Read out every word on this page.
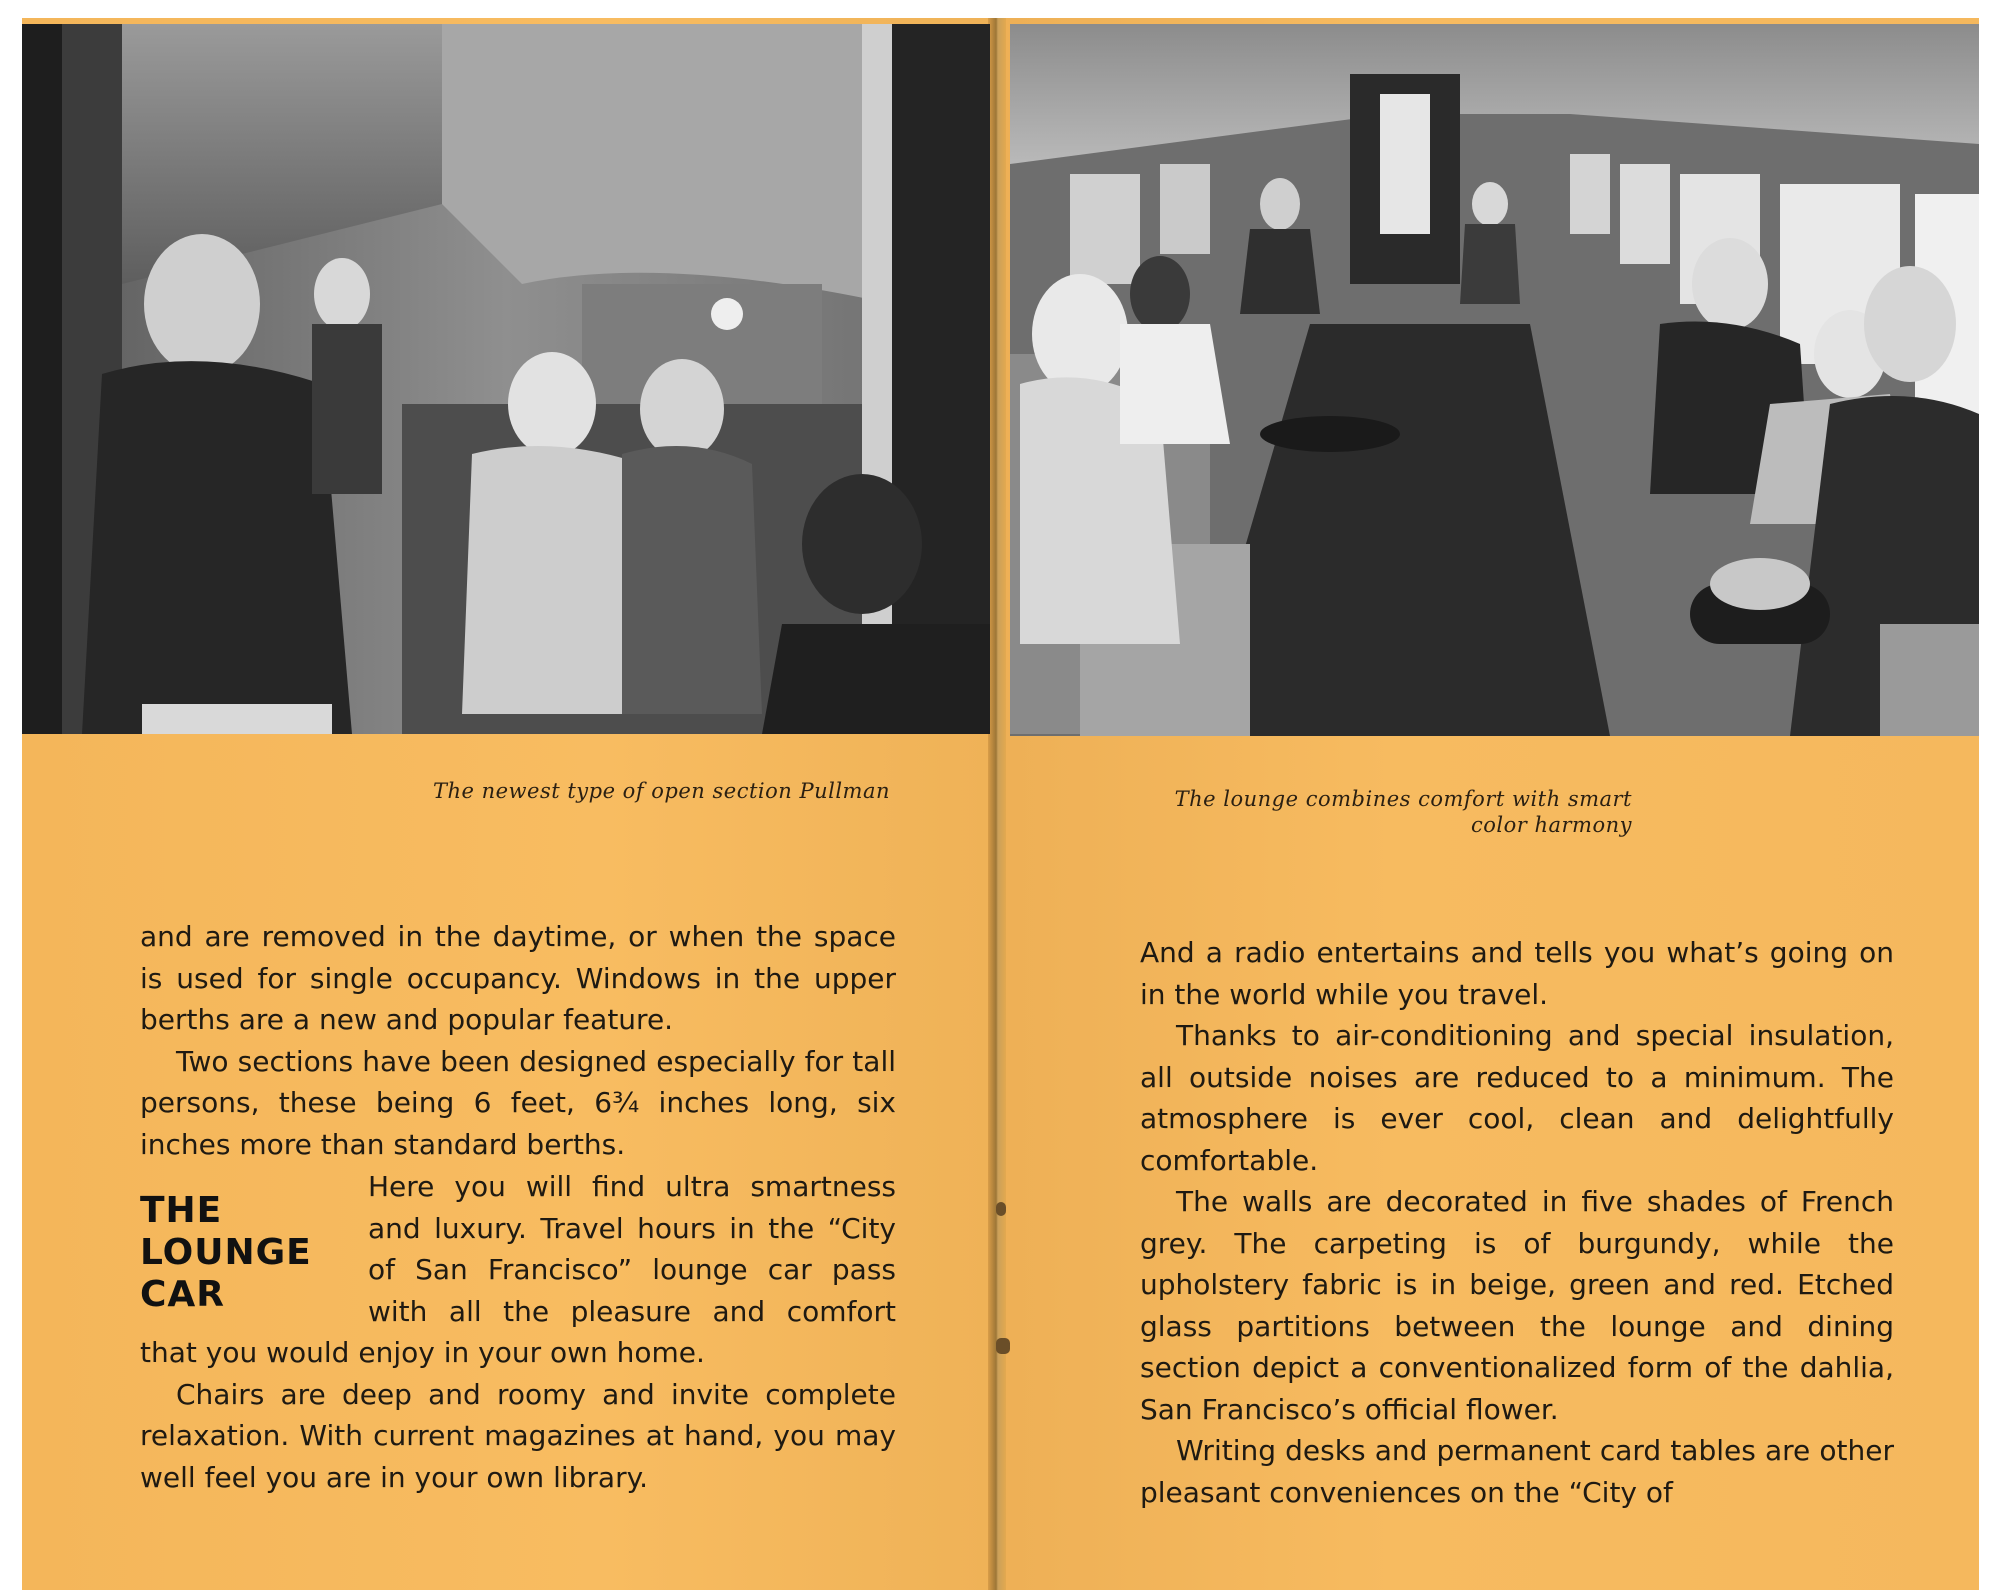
The newest type of open section Pullman	The lounge combines comfort with smart
color harmony

and are removed in the daytime, or when the space is used for single occupancy. Windows in the upper berths are a new and popular feature.

Two sections have been designed especially for tall persons, these being 6 feet, 6¾ inches long, six inches more than standard berths.

THE
LOUNGE
CAR

Here you will find ultra smartness and luxury. Travel hours in the “City of San Francisco” lounge car pass with all the pleasure and comfort that you would enjoy in your own home.

Chairs are deep and roomy and invite complete relaxation. With current magazines at hand, you may well feel you are in your own library.

And a radio entertains and tells you what’s going on in the world while you travel.

Thanks to air-conditioning and special insulation, all outside noises are reduced to a minimum. The atmosphere is ever cool, clean and delightfully comfortable.

The walls are decorated in five shades of French grey. The carpeting is of burgundy, while the upholstery fabric is in beige, green and red. Etched glass partitions between the lounge and dining section depict a conventionalized form of the dahlia, San Francisco’s official flower.

Writing desks and permanent card tables are other pleasant conveniences on the “City of
